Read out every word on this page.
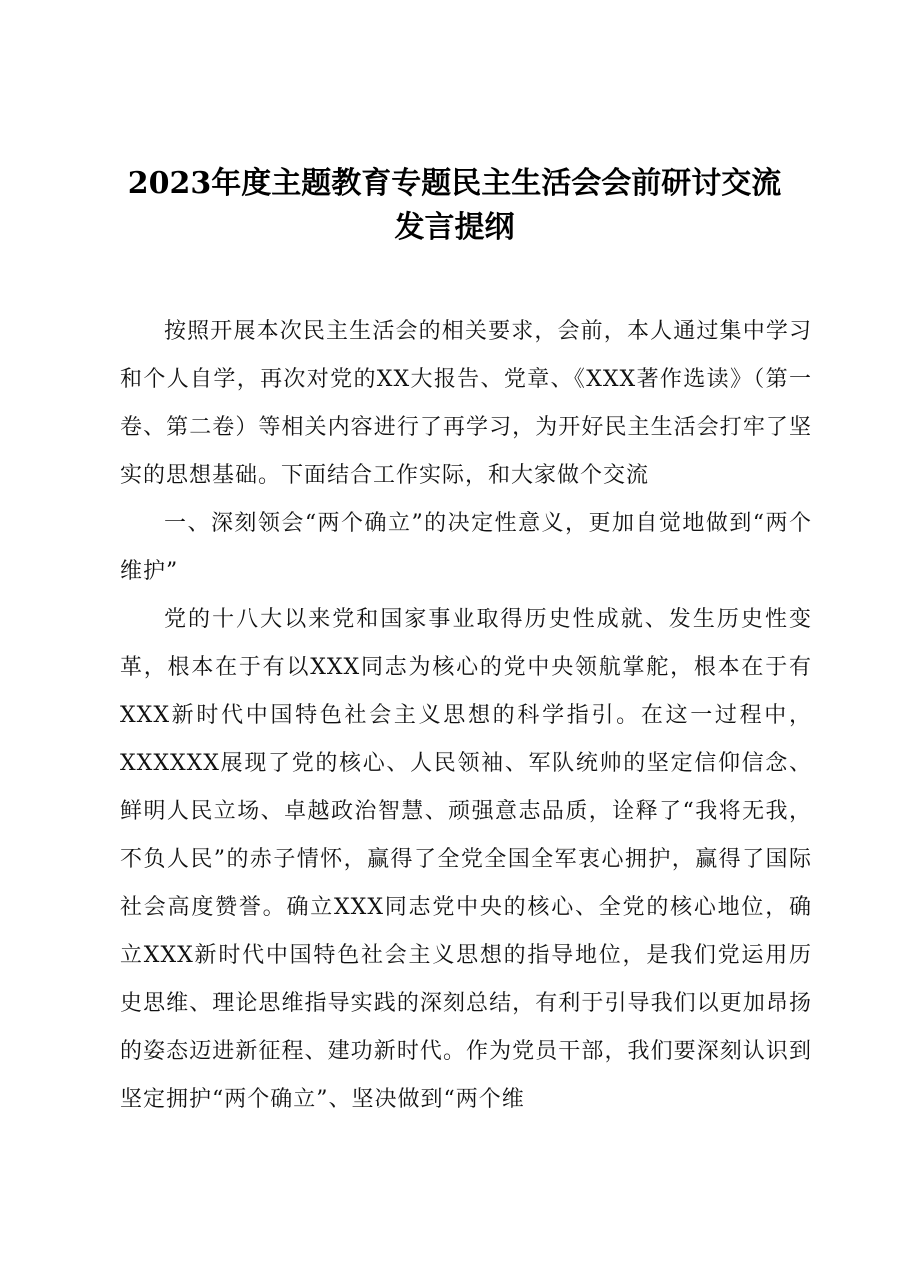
2023年度主题教育专题民主生活会会前研讨交流
发言提纲

按照开展本次民主生活会的相关要求，会前，本人通过集中学习和个人自学，再次对党的XX大报告、党章、《XXX著作选读》（第一卷、第二卷）等相关内容进行了再学习，为开好民主生活会打牢了坚实的思想基础。下面结合工作实际，和大家做个交流

一、深刻领会“两个确立”的决定性意义，更加自觉地做到“两个维护”

党的十八大以来党和国家事业取得历史性成就、发生历史性变革，根本在于有以XXX同志为核心的党中央领航掌舵，根本在于有XXX新时代中国特色社会主义思想的科学指引。在这一过程中，XXXXXX展现了党的核心、人民领袖、军队统帅的坚定信仰信念、鲜明人民立场、卓越政治智慧、顽强意志品质，诠释了“我将无我，不负人民”的赤子情怀，赢得了全党全国全军衷心拥护，赢得了国际社会高度赞誉。确立XXX同志党中央的核心、全党的核心地位，确立XXX新时代中国特色社会主义思想的指导地位，是我们党运用历史思维、理论思维指导实践的深刻总结，有利于引导我们以更加昂扬的姿态迈进新征程、建功新时代。作为党员干部，我们要深刻认识到坚定拥护“两个确立”、坚决做到“两个维
